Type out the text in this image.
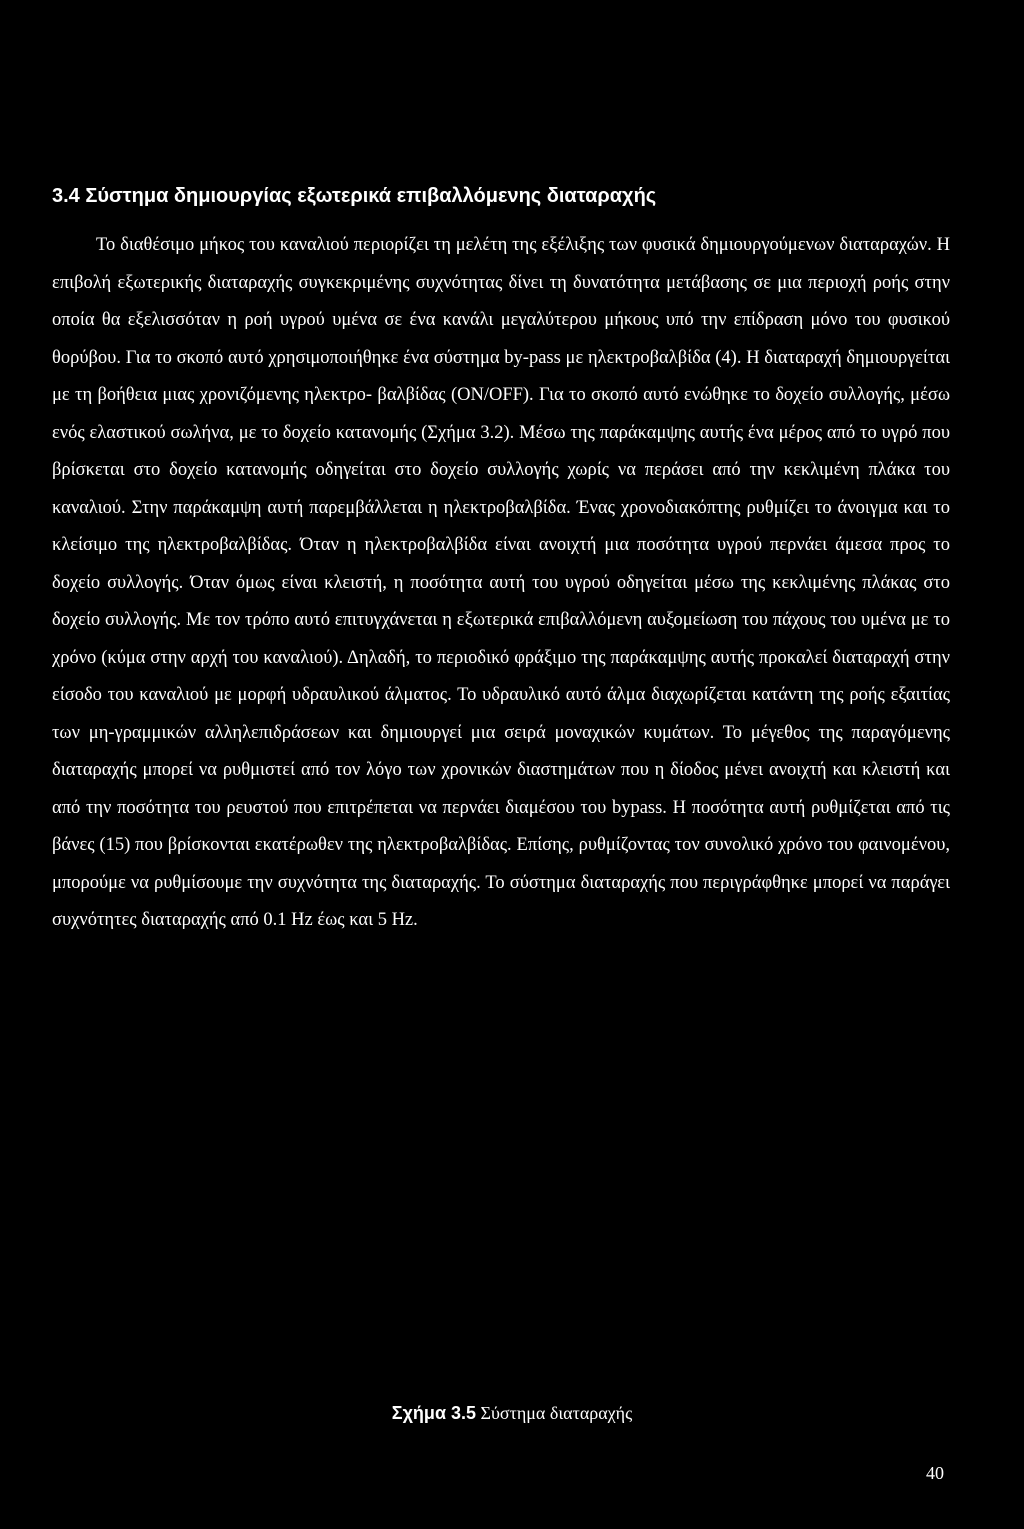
3.4 Σύστημα δημιουργίας εξωτερικά επιβαλλόμενης διαταραχής

Το διαθέσιμο μήκος του καναλιού περιορίζει τη μελέτη της εξέλιξης των φυσικά δημιουργούμενων διαταραχών. Η επιβολή εξωτερικής διαταραχής συγκεκριμένης συχνότητας δίνει τη δυνατότητα μετάβασης σε μια περιοχή ροής στην οποία θα εξελισσόταν η ροή υγρού υμένα σε ένα κανάλι μεγαλύτερου μήκους υπό την επίδραση μόνο του φυσικού θορύβου. Για το σκοπό αυτό χρησιμοποιήθηκε ένα σύστημα by-pass με ηλεκτροβαλβίδα (4). Η διαταραχή δημιουργείται με τη βοήθεια μιας χρονιζόμενης ηλεκτρο- βαλβίδας (ON/OFF). Για το σκοπό αυτό ενώθηκε το δοχείο συλλογής, μέσω ενός ελαστικού σωλήνα, με το δοχείο κατανομής (Σχήμα 3.2). Μέσω της παράκαμψης αυτής ένα μέρος από το υγρό που βρίσκεται στο δοχείο κατανομής οδηγείται στο δοχείο συλλογής χωρίς να περάσει από την κεκλιμένη πλάκα του καναλιού. Στην παράκαμψη αυτή παρεμβάλλεται η ηλεκτροβαλβίδα. Ένας χρονοδιακόπτης ρυθμίζει το άνοιγμα και το κλείσιμο της ηλεκτροβαλβίδας. Όταν η ηλεκτροβαλβίδα είναι ανοιχτή μια ποσότητα υγρού περνάει άμεσα προς το δοχείο συλλογής. Όταν όμως είναι κλειστή, η ποσότητα αυτή του υγρού οδηγείται μέσω της κεκλιμένης πλάκας στο δοχείο συλλογής. Με τον τρόπο αυτό επιτυγχάνεται η εξωτερικά επιβαλλόμενη αυξομείωση του πάχους του υμένα με το χρόνο (κύμα στην αρχή του καναλιού). Δηλαδή, το περιοδικό φράξιμο της παράκαμψης αυτής προκαλεί διαταραχή στην είσοδο του καναλιού με μορφή υδραυλικού άλματος. Το υδραυλικό αυτό άλμα διαχωρίζεται κατάντη της ροής εξαιτίας των μη-γραμμικών αλληλεπιδράσεων και δημιουργεί μια σειρά μοναχικών κυμάτων. Το μέγεθος της παραγόμενης διαταραχής μπορεί να ρυθμιστεί από τον λόγο των χρονικών διαστημάτων που η δίοδος μένει ανοιχτή και κλειστή και από την ποσότητα του ρευστού που επιτρέπεται να περνάει διαμέσου του bypass. Η ποσότητα αυτή ρυθμίζεται από τις βάνες (15) που βρίσκονται εκατέρωθεν της ηλεκτροβαλβίδας. Επίσης, ρυθμίζοντας τον συνολικό χρόνο του φαινομένου, μπορούμε να ρυθμίσουμε την συχνότητα της διαταραχής. Το σύστημα διαταραχής που περιγράφθηκε μπορεί να παράγει συχνότητες διαταραχής από 0.1 Hz έως και 5 Hz.

Σχήμα 3.5 Σύστημα διαταραχής
40
